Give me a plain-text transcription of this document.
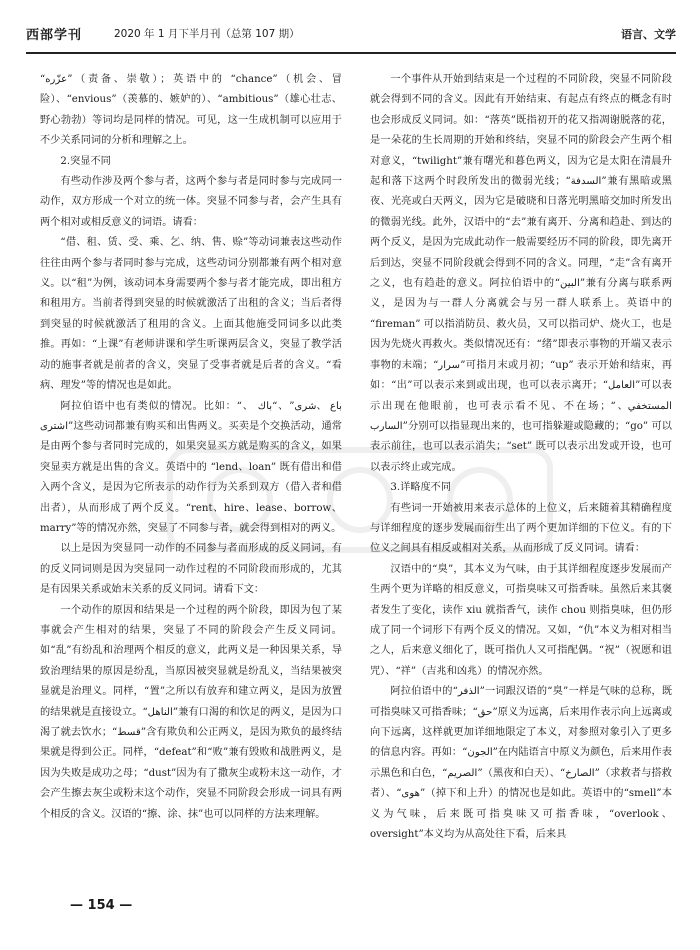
西部学刊	2020 年 1 月下半月刊（总第 107 期）	语言、文学

“عزّره”（责备、崇敬）；英语中的 “chance”（机会、冒险）、“envious”（羡慕的、嫉妒的）、“ambitious”（雄心壮志、野心勃勃）等词均是同样的情况。可见，这一生成机制可以应用于不少关系同词的分析和理解之上。

2.突显不同

有些动作涉及两个参与者，这两个参与者是同时参与完成同一动作，双方形成一个对立的统一体。突显不同参与者，会产生具有两个相对或相反意义的词语。请看：

“借、租、赁、受、乘、乞、纳、售、赊”等动词兼表这些动作往往由两个参与者同时参与完成，这些动词分别都兼有两个相对意义。以“租”为例，该动词本身需要两个参与者才能完成，即出租方和租用方。当前者得到突显的时候就激活了出租的含义；当后者得到突显的时候就激活了租用的含义。上面其他施受同词多以此类推。再如：“上课”有老师讲课和学生听课两层含义，突显了教学活动的施事者就是前者的含义，突显了受事者就是后者的含义。“看病、理发”等的情况也是如此。

阿拉伯语中也有类似的情况。比如：“باع 、شرى”、“باك 、اشترى”这些动词都兼有购买和出售两义。买卖是个交换活动，通常是由两个参与者同时完成的，如果突显买方就是购买的含义，如果突显卖方就是出售的含义。英语中的 “lend、loan” 既有借出和借入两个含义，是因为它所表示的动作行为关系到双方（借入者和借出者），从而形成了两个反义。“rent、hire、lease、borrow、marry”等的情况亦然，突显了不同参与者，就会得到相对的两义。

以上是因为突显同一动作的不同参与者而形成的反义同词，有的反义同词则是因为突显同一动作过程的不同阶段而形成的，尤其是有因果关系或始末关系的反义同词。请看下文：

一个动作的原因和结果是一个过程的两个阶段，即因为包了某事就会产生相对的结果，突显了不同的阶段会产生反义同词。如“乱”有纷乱和治理两个相反的意义，此两义是一种因果关系，导致治理结果的原因是纷乱，当原因被突显就是纷乱义，当结果被突显就是治理义。同样，“置”之所以有放弃和建立两义，是因为放置的结果就是直接设立。“الناهل”兼有口渴的和饮足的两义，是因为口渴了就去饮水；“قسط”含有欺负和公正两义，是因为欺负的最终结果就是得到公正。同样，“defeat”和“败”兼有毁败和战胜两义，是因为失败是成功之母；“dust”因为有了撒灰尘或粉末这一动作，才会产生擦去灰尘或粉末这个动作，突显不同阶段会形成一词具有两个相反的含义。汉语的“擦、涂、抹”也可以同样的方法来理解。

一个事件从开始到结束是一个过程的不同阶段，突显不同阶段就会得到不同的含义。因此有开始结束、有起点有终点的概念有时也会形成反义同词。如：“落英”既指初开的花又指凋谢脱落的花，是一朵花的生长周期的开始和终结，突显不同的阶段会产生两个相对意义，“twilight”兼有曙光和暮色两义，因为它是太阳在清晨升起和落下这两个时段所发出的微弱光线；“السدفة”兼有黑暗或黑夜、光亮或白天两义，因为它是破晓和日落光明黑暗交加时所发出的微弱光线。此外，汉语中的“去”兼有离开、分离和趋赴、到达的两个反义，是因为完成此动作一般需要经历不同的阶段，即先离开后到达，突显不同阶段就会得到不同的含义。同理，“走”含有离开之义，也有趋赴的意义。阿拉伯语中的“البين”兼有分离与联系两义，是因为与一群人分离就会与另一群人联系上。英语中的 “fireman” 可以指消防员、救火员，又可以指司炉、烧火工，也是因为先烧火再救火。类似情况还有：“绪”即表示事物的开端又表示事物的末端；“سرار”可指月末或月初；“up” 表示开始和结束，再如：“出”可以表示来到或出现，也可以表示离开；“العامل”可以表示出现在他眼前，也可表示看不见、不在场；“المستخفي、السارب”分别可以指显现出来的，也可指躲避或隐藏的；“go” 可以表示前往，也可以表示消失；“set” 既可以表示出发或开设，也可以表示终止或完成。

3.详略度不同

有些词一开始被用来表示总体的上位义，后来随着其精确程度与详细程度的逐步发展而衍生出了两个更加详细的下位义。有的下位义之间具有相反或相对关系，从而形成了反义同词。请看：

汉语中的“臭”，其本义为气味，由于其详细程度逐步发展而产生两个更为详略的相反意义，可指臭味又可指香味。虽然后来其褒者发生了变化，读作 xiu 就指香气，读作 chou 则指臭味，但仍形成了同一个词形下有两个反义的情况。又如，“仇”本义为相对相当之人，后来意义细化了，既可指仇人又可指配偶。“祝”（祝愿和诅咒）、“祥”（吉兆和凶兆）的情况亦然。

阿拉伯语中的“الذفر”一词跟汉语的“臭”一样是气味的总称，既可指臭味又可指香味；“حق”原义为远离，后来用作表示向上远离或向下远离，这样就更加详细地限定了本义，对参照对象引入了更多的信息内容。再如：“الجون”在内陆语言中原义为颜色，后来用作表示黑色和白色，“الصريم”（黑夜和白天）、“الصارخ”（求救者与搭救者）、“هوى”（掉下和上升）的情况也是如此。英语中的“smell”本义为气味，后来既可指臭味又可指香味，“overlook、oversight”本义均为从高处往下看，后来具

— 154 —
